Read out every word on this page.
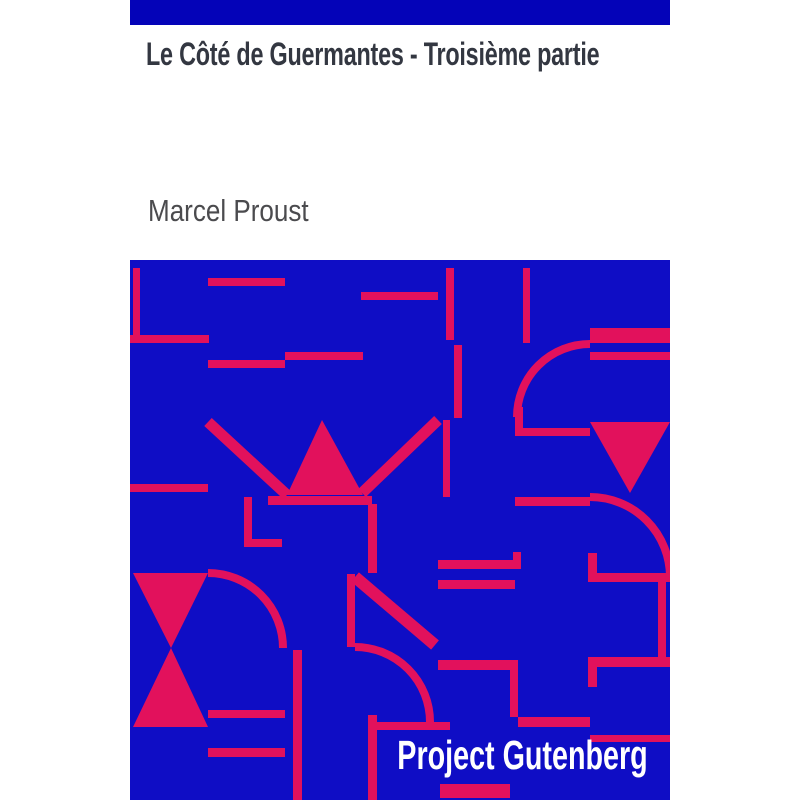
Le Côté de Guermantes - Troisième partie

Marcel Proust

Project Gutenberg
